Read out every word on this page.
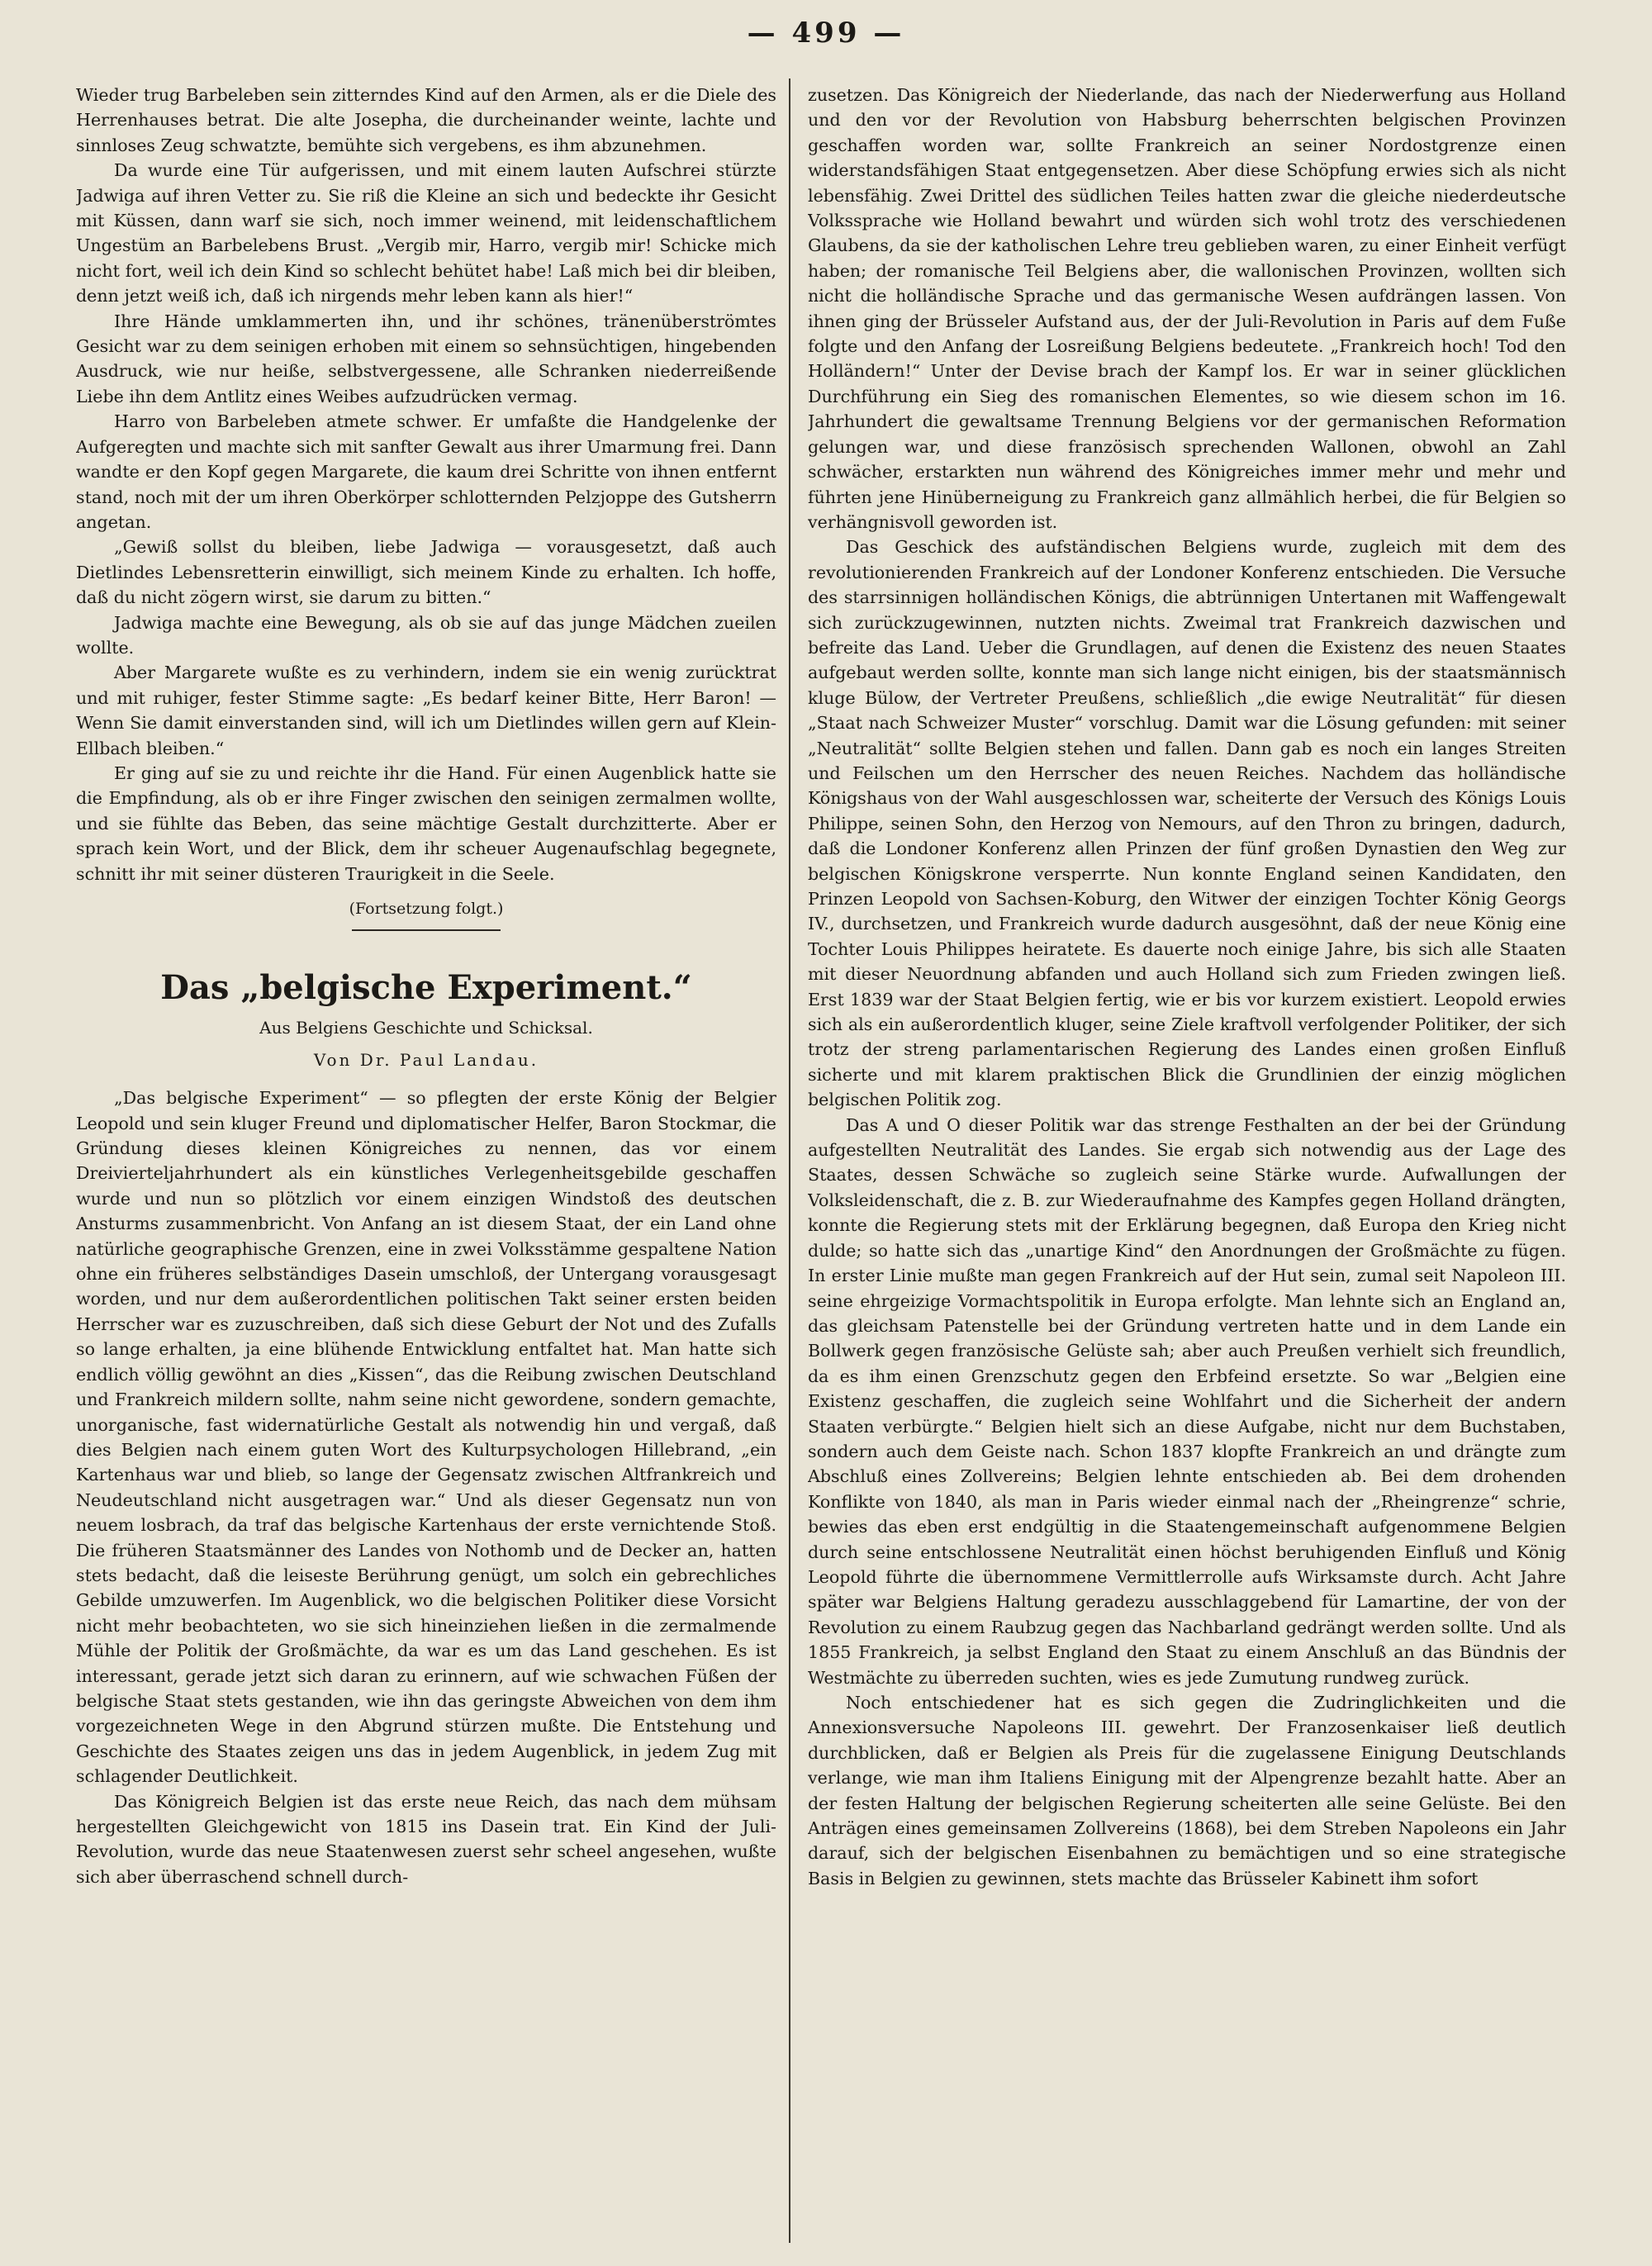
— 499 —

Wieder trug Barbeleben sein zitterndes Kind auf den Armen, als er die Diele des Herrenhauses betrat. Die alte Josepha, die durcheinander weinte, lachte und sinnloses Zeug schwatzte, bemühte sich vergebens, es ihm abzunehmen.

Da wurde eine Tür aufgerissen, und mit einem lauten Aufschrei stürzte Jadwiga auf ihren Vetter zu. Sie riß die Kleine an sich und bedeckte ihr Gesicht mit Küssen, dann warf sie sich, noch immer weinend, mit leidenschaftlichem Ungestüm an Barbelebens Brust. „Vergib mir, Harro, vergib mir! Schicke mich nicht fort, weil ich dein Kind so schlecht behütet habe! Laß mich bei dir bleiben, denn jetzt weiß ich, daß ich nirgends mehr leben kann als hier!“

Ihre Hände umklammerten ihn, und ihr schönes, tränenüberströmtes Gesicht war zu dem seinigen erhoben mit einem so sehnsüchtigen, hingebenden Ausdruck, wie nur heiße, selbstvergessene, alle Schranken niederreißende Liebe ihn dem Antlitz eines Weibes aufzudrücken vermag.

Harro von Barbeleben atmete schwer. Er umfaßte die Handgelenke der Aufgeregten und machte sich mit sanfter Gewalt aus ihrer Umarmung frei. Dann wandte er den Kopf gegen Margarete, die kaum drei Schritte von ihnen entfernt stand, noch mit der um ihren Oberkörper schlotternden Pelzjoppe des Gutsherrn angetan.

„Gewiß sollst du bleiben, liebe Jadwiga — vorausgesetzt, daß auch Dietlindes Lebensretterin einwilligt, sich meinem Kinde zu erhalten. Ich hoffe, daß du nicht zögern wirst, sie darum zu bitten.“

Jadwiga machte eine Bewegung, als ob sie auf das junge Mädchen zueilen wollte.

Aber Margarete wußte es zu verhindern, indem sie ein wenig zurücktrat und mit ruhiger, fester Stimme sagte: „Es bedarf keiner Bitte, Herr Baron! — Wenn Sie damit einverstanden sind, will ich um Dietlindes willen gern auf Klein-Ellbach bleiben.“

Er ging auf sie zu und reichte ihr die Hand. Für einen Augenblick hatte sie die Empfindung, als ob er ihre Finger zwischen den seinigen zermalmen wollte, und sie fühlte das Beben, das seine mächtige Gestalt durchzitterte. Aber er sprach kein Wort, und der Blick, dem ihr scheuer Augenaufschlag begegnete, schnitt ihr mit seiner düsteren Traurigkeit in die Seele.

(Fortsetzung folgt.)
Das „belgische Experiment.“
Aus Belgiens Geschichte und Schicksal.
Von Dr. Paul Landau.

„Das belgische Experiment“ — so pflegten der erste König der Belgier Leopold und sein kluger Freund und diplomatischer Helfer, Baron Stockmar, die Gründung dieses kleinen Königreiches zu nennen, das vor einem Dreivierteljahrhundert als ein künstliches Verlegenheitsgebilde geschaffen wurde und nun so plötzlich vor einem einzigen Windstoß des deutschen Ansturms zusammenbricht. Von Anfang an ist diesem Staat, der ein Land ohne natürliche geographische Grenzen, eine in zwei Volksstämme gespaltene Nation ohne ein früheres selbständiges Dasein umschloß, der Untergang vorausgesagt worden, und nur dem außerordentlichen politischen Takt seiner ersten beiden Herrscher war es zuzuschreiben, daß sich diese Geburt der Not und des Zufalls so lange erhalten, ja eine blühende Entwicklung entfaltet hat. Man hatte sich endlich völlig gewöhnt an dies „Kissen“, das die Reibung zwischen Deutschland und Frankreich mildern sollte, nahm seine nicht gewordene, sondern gemachte, unorganische, fast widernatürliche Gestalt als notwendig hin und vergaß, daß dies Belgien nach einem guten Wort des Kulturpsychologen Hillebrand, „ein Kartenhaus war und blieb, so lange der Gegensatz zwischen Altfrankreich und Neudeutschland nicht ausgetragen war.“ Und als dieser Gegensatz nun von neuem losbrach, da traf das belgische Kartenhaus der erste vernichtende Stoß. Die früheren Staatsmänner des Landes von Nothomb und de Decker an, hatten stets bedacht, daß die leiseste Berührung genügt, um solch ein gebrechliches Gebilde umzuwerfen. Im Augenblick, wo die belgischen Politiker diese Vorsicht nicht mehr beobachteten, wo sie sich hineinziehen ließen in die zermalmende Mühle der Politik der Großmächte, da war es um das Land geschehen. Es ist interessant, gerade jetzt sich daran zu erinnern, auf wie schwachen Füßen der belgische Staat stets gestanden, wie ihn das geringste Abweichen von dem ihm vorgezeichneten Wege in den Abgrund stürzen mußte. Die Entstehung und Geschichte des Staates zeigen uns das in jedem Augenblick, in jedem Zug mit schlagender Deutlichkeit.

Das Königreich Belgien ist das erste neue Reich, das nach dem mühsam hergestellten Gleichgewicht von 1815 ins Dasein trat. Ein Kind der Juli-Revolution, wurde das neue Staatenwesen zuerst sehr scheel angesehen, wußte sich aber überraschend schnell durch-

zusetzen. Das Königreich der Niederlande, das nach der Niederwerfung aus Holland und den vor der Revolution von Habsburg beherrschten belgischen Provinzen geschaffen worden war, sollte Frankreich an seiner Nordostgrenze einen widerstandsfähigen Staat entgegensetzen. Aber diese Schöpfung erwies sich als nicht lebensfähig. Zwei Drittel des südlichen Teiles hatten zwar die gleiche niederdeutsche Volkssprache wie Holland bewahrt und würden sich wohl trotz des verschiedenen Glaubens, da sie der katholischen Lehre treu geblieben waren, zu einer Einheit verfügt haben; der romanische Teil Belgiens aber, die wallonischen Provinzen, wollten sich nicht die holländische Sprache und das germanische Wesen aufdrängen lassen. Von ihnen ging der Brüsseler Aufstand aus, der der Juli-Revolution in Paris auf dem Fuße folgte und den Anfang der Losreißung Belgiens bedeutete. „Frankreich hoch! Tod den Holländern!“ Unter der Devise brach der Kampf los. Er war in seiner glücklichen Durchführung ein Sieg des romanischen Elementes, so wie diesem schon im 16. Jahrhundert die gewaltsame Trennung Belgiens vor der germanischen Reformation gelungen war, und diese französisch sprechenden Wallonen, obwohl an Zahl schwächer, erstarkten nun während des Königreiches immer mehr und mehr und führten jene Hinüberneigung zu Frankreich ganz allmählich herbei, die für Belgien so verhängnisvoll geworden ist.

Das Geschick des aufständischen Belgiens wurde, zugleich mit dem des revolutionierenden Frankreich auf der Londoner Konferenz entschieden. Die Versuche des starrsinnigen holländischen Königs, die abtrünnigen Untertanen mit Waffengewalt sich zurückzugewinnen, nutzten nichts. Zweimal trat Frankreich dazwischen und befreite das Land. Ueber die Grundlagen, auf denen die Existenz des neuen Staates aufgebaut werden sollte, konnte man sich lange nicht einigen, bis der staatsmännisch kluge Bülow, der Vertreter Preußens, schließlich „die ewige Neutralität“ für diesen „Staat nach Schweizer Muster“ vorschlug. Damit war die Lösung gefunden: mit seiner „Neutralität“ sollte Belgien stehen und fallen. Dann gab es noch ein langes Streiten und Feilschen um den Herrscher des neuen Reiches. Nachdem das holländische Königshaus von der Wahl ausgeschlossen war, scheiterte der Versuch des Königs Louis Philippe, seinen Sohn, den Herzog von Nemours, auf den Thron zu bringen, dadurch, daß die Londoner Konferenz allen Prinzen der fünf großen Dynastien den Weg zur belgischen Königskrone versperrte. Nun konnte England seinen Kandidaten, den Prinzen Leopold von Sachsen-Koburg, den Witwer der einzigen Tochter König Georgs IV., durchsetzen, und Frankreich wurde dadurch ausgesöhnt, daß der neue König eine Tochter Louis Philippes heiratete. Es dauerte noch einige Jahre, bis sich alle Staaten mit dieser Neuordnung abfanden und auch Holland sich zum Frieden zwingen ließ. Erst 1839 war der Staat Belgien fertig, wie er bis vor kurzem existiert. Leopold erwies sich als ein außerordentlich kluger, seine Ziele kraftvoll verfolgender Politiker, der sich trotz der streng parlamentarischen Regierung des Landes einen großen Einfluß sicherte und mit klarem praktischen Blick die Grundlinien der einzig möglichen belgischen Politik zog.

Das A und O dieser Politik war das strenge Festhalten an der bei der Gründung aufgestellten Neutralität des Landes. Sie ergab sich notwendig aus der Lage des Staates, dessen Schwäche so zugleich seine Stärke wurde. Aufwallungen der Volksleidenschaft, die z. B. zur Wiederaufnahme des Kampfes gegen Holland drängten, konnte die Regierung stets mit der Erklärung begegnen, daß Europa den Krieg nicht dulde; so hatte sich das „unartige Kind“ den Anordnungen der Großmächte zu fügen. In erster Linie mußte man gegen Frankreich auf der Hut sein, zumal seit Napoleon III. seine ehrgeizige Vormachtspolitik in Europa erfolgte. Man lehnte sich an England an, das gleichsam Patenstelle bei der Gründung vertreten hatte und in dem Lande ein Bollwerk gegen französische Gelüste sah; aber auch Preußen verhielt sich freundlich, da es ihm einen Grenzschutz gegen den Erbfeind ersetzte. So war „Belgien eine Existenz geschaffen, die zugleich seine Wohlfahrt und die Sicherheit der andern Staaten verbürgte.“ Belgien hielt sich an diese Aufgabe, nicht nur dem Buchstaben, sondern auch dem Geiste nach. Schon 1837 klopfte Frankreich an und drängte zum Abschluß eines Zollvereins; Belgien lehnte entschieden ab. Bei dem drohenden Konflikte von 1840, als man in Paris wieder einmal nach der „Rheingrenze“ schrie, bewies das eben erst endgültig in die Staatengemeinschaft aufgenommene Belgien durch seine entschlossene Neutralität einen höchst beruhigenden Einfluß und König Leopold führte die übernommene Vermittlerrolle aufs Wirksamste durch. Acht Jahre später war Belgiens Haltung geradezu ausschlaggebend für Lamartine, der von der Revolution zu einem Raubzug gegen das Nachbarland gedrängt werden sollte. Und als 1855 Frankreich, ja selbst England den Staat zu einem Anschluß an das Bündnis der Westmächte zu überreden suchten, wies es jede Zumutung rundweg zurück.

Noch entschiedener hat es sich gegen die Zudringlichkeiten und die Annexionsversuche Napoleons III. gewehrt. Der Franzosenkaiser ließ deutlich durchblicken, daß er Belgien als Preis für die zugelassene Einigung Deutschlands verlange, wie man ihm Italiens Einigung mit der Alpengrenze bezahlt hatte. Aber an der festen Haltung der belgischen Regierung scheiterten alle seine Gelüste. Bei den Anträgen eines gemeinsamen Zollvereins (1868), bei dem Streben Napoleons ein Jahr darauf, sich der belgischen Eisenbahnen zu bemächtigen und so eine strategische Basis in Belgien zu gewinnen, stets machte das Brüsseler Kabinett ihm sofort
